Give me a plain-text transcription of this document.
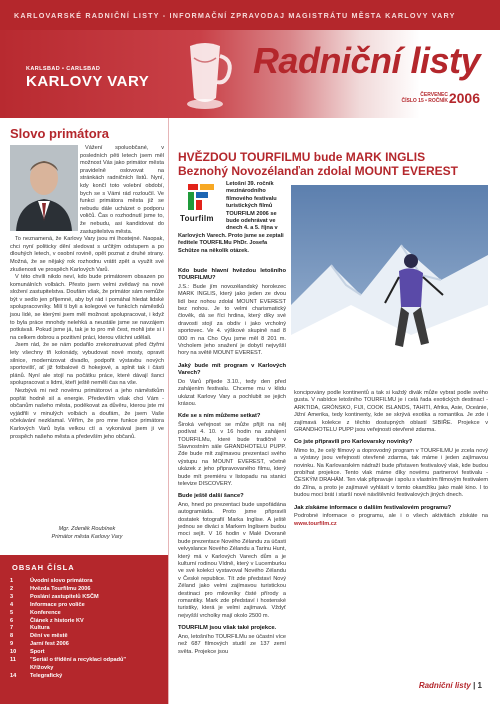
KARLOVARSKÉ RADNIČNÍ LISTY - INFORMAČNÍ ZPRAVODAJ MAGISTRÁTU MĚSTA KARLOVY VARY
KARLSBAD • CARLSBAD
KARLOVY VARY
Radniční listy
ČERVENEC
ČÍSLO 15 • ROČNÍK 2006
Slovo primátora

Vážení spoluobčané, v posledních pěti letech jsem měl možnost Vás jako primátor města pravidelně oslovovat na stránkách radničních listů. Nyní, kdy končí toto volební období, bych se s Vámi rád rozloučil. Ve funkci primátora města již se nebudu dále ucházet o podporu voličů. Čas o rozhodnutí jsme to, že nebudu, asi kandidovat do zastupitelstva města.

To neznamená, že Karlovy Vary jsou mi lhostejné. Naopak, chci nyní politicky dění sledovat s určitým odstupem a po dlouhých letech, v osobní rovině, opět poznat z druhé strany. Možná, že se nějaký rok rozhodnu vrátit zpět a využít své zkušenosti ve prospěch Karlových Varů.

V této chvíli nikdo neví, kdo bude primátorem obsazen po komunálních volbách. Přesto jsem velmi zvědavý na nové složení zastupitelstva. Doufám však, že primátor sám nemůže být v sedlo jen příjemné, aby byl rád i pomáhal hledat lidské spolupracovníky. Milí ti byli a kolegové ve funkcích náměstků jsou lidé, se kterými jsem měl možnost spolupracovat, i když to byla práce mnohdy nelehká a neustále jsme se navzájem potkávali. Pokud jsme já, tak je to pro mě čest, mohli jste si i na celkem dobrou a pozitivní práci, kterou všichni udělali.

Jsem rád, že se nám podařilo zrekonstruovat před čtyřmi lety všechny tři kolonády, vybudovat nové mosty, opravit silnice, modernizovat divadlo, podpořit výstavbu nových sportovišť, ať již fotbalové či hokejové, a splnit tak i části plánů. Nyní ale stojí na počátku práce, které dávají šanci spolupracovat s lidmi, kteří ještě neměli čas na vše.

Nezbývá mi než novému primátorovi a jeho náměstkům popřát hodně sil a energie. Především však chci Vám - občanům našeho města, poděkovat za důvěru, kterou jste mi vyjádřili v minulých volbách a doufám, že jsem Vaše očekávání nezklamal. Věřím, že pro mne funkce primátora Karlových Varů byla velkou ctí a vykonával jsem ji ve prospěch našeho města a především jeho občanů.

Mgr. Zdeněk Roubínek
Primátor města Karlovy Vary
OBSAH ČÍSLA
1	Úvodní slovo primátora
2	Hvězda Tourfilmu 2006
3	Poslání zastupitelů KSČM
4	Informace pro voliče
5	Konference
6	Článek z historie KV
7	Kultura
8	Dění ve městě
9	Jarní fest 2006
10	Sport
11	"Seriál o třídění a recyklaci odpadů"
Křížovky
14	Telegrafický
HVĚZDOU TOURFILMU bude MARK INGLIS
Beznohý Novozélanďan zdolal MOUNT EVEREST
Tourfilm
Letošní 39. ročník mezinárodního filmového festivalu turistických filmů TOURFILM 2006 se bude odehrávat ve dnech 4. a 5. října v Karlových Varech. Proto jsme se zeptali ředitele TOURFILMu PhDr. Josefa Schütze na několik otázek.
Kdo bude hlavní hvězdou letošního TOURFILMU?

J.S.: Bude jím novozélandský horolezec MARK INGLIS, který jako jeden ze dvou lidí bez nohou zdolal MOUNT EVEREST bez nohou. Je to velmi charismatický člověk, dá se říci hrdina, který díky své dravosti stojí za obdiv i jako vrcholný sportovec. Ve 4. výškové skupině nad 8 000 m na Cho Oyu jsme měl 8 201 m. Vrcholem jeho snažení je dobytí nejvyšší hory na světě MOUNT EVEREST.

Jaký bude mít program v Karlových Varech?

Do Varů přijede 3.10., tedy den před zahájením festivalu. Chceme mu v klidu ukázat Karlovy Vary a pochlubit se jejich krásou.

Kde se s ním můžeme setkat?

Široká veřejnost se může přijít na něj podívat 4. 10. v 16 hodin na zahájení TOURFILMu, které bude tradičně v Slavnostním sále GRANDHOTELU PUPP. Zde bude mít zajímavou prezentaci svého výstupu na MOUNT EVEREST, včetně ukázek z jeho připravovaného filmu, který bude mít premiéru v listopadu na stanici televize DISCOVERY.

Bude ještě další šance?

Ano, hned po prezentaci bude uspořádána autogramiáda. Proto jsme připravili dostatek fotografií Marka Inglise. A ještě jednou se diváci s Markem Inglisem budou moci sejít. V 16 hodin v Malé Dvoraně bude prezentace Nového Zélandu za účasti velvyslance Nového Zélandu a Tarinu Hunt, který má v Karlových Varech dům a je kulturní rodinou Vídně, který v Lucemburku ve své kolekci vystavoval Nového Zélandu v České republice. Tít zde představí Nový Zéland jako velmi zajímavou turistickou destinaci pro milovníky čisté přírody a romantiky. Mark zde představí i hostenské turistiky, která je velmi zajímavá. Vždyť nejvyšší vrcholky mají okolo 2500 m.

TOURFILM jsou však také projekce.

Ano, letošního TOURFILMu se účastní více než 687 filmových studií ze 137 zemí světa. Projekce jsou

koncipovány podle kontinentů a tak si každý divák může vybrat podle svého gusta. V nabídce letošního TOURFILMU je i celá řada exotických destinací - ARKTIDA, GRÓNSKO, FIJI, COOK ISLANDS, TAHITI, Afrika, Asie, Oceánie, Jižní Amerika, tedy kontinenty, kde se skrývá exotika a romantika. Je zde i zajímavá kolekce z těchto dostupných oblastí SIBIŘE. Projekce v GRANDHOTELU PUPP jsou veřejnosti otevřené zdarma.

Co jste připravili pro Karlovarsky novinky?

Mimo to, že celý filmový a doprovodný program v TOURFILMU je zcela nový a výstavy jsou veřejnosti otevřené zdarma, tak máme i jeden zajímavou novinku. Na Karlovarském nádraží bude přistaven festivalový vlak, kde budou probíhat projekce. Tento vlak máme díky novému partnerovi festivalu - ČESKÝM DRAHÁM. Ten vlak připravuje i spolu s vlastním filmovým festivalem do Zlína, a proto je zajímavé vyhlásit v tomto okamžiku jako malé kino. I to budou moci brát i starší nové návštěvníci festivalových jiných dnech.

Jak získáme informace o dalším festivalovém programu?

Podrobné informace o programu, ale i o všech aktivitách získáte na www.tourfilm.cz

Radniční listy | 1
